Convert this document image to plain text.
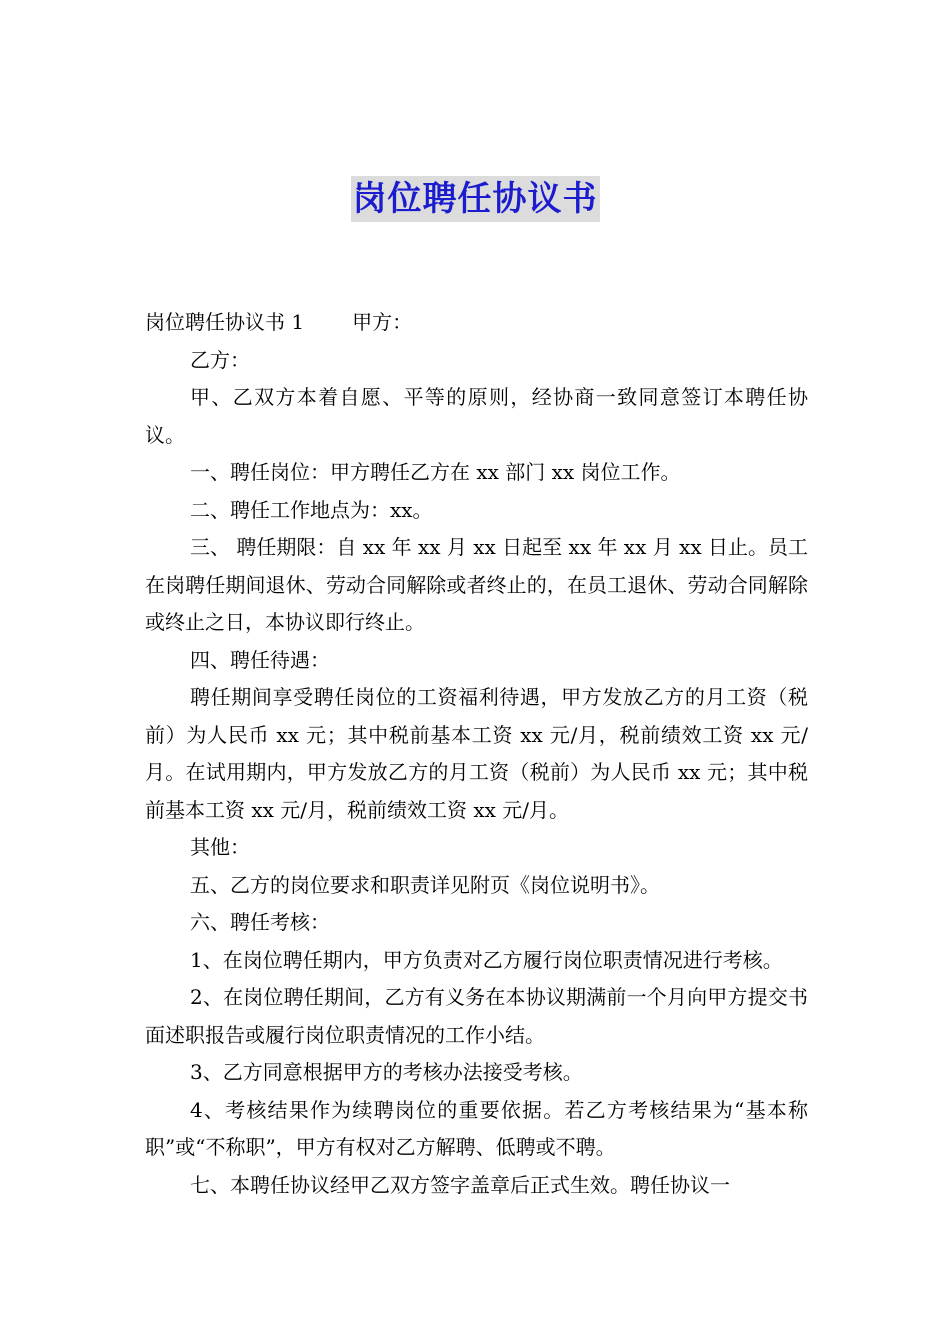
岗位聘任协议书

岗位聘任协议书 1 甲方：

乙方：

甲、乙双方本着自愿、平等的原则，经协商一致同意签订本聘任协议。

一、聘任岗位：甲方聘任乙方在 xx 部门 xx 岗位工作。

二、聘任工作地点为：xx。

三、 聘任期限：自 xx 年 xx 月 xx 日起至 xx 年 xx 月 xx 日止。员工在岗聘任期间退休、劳动合同解除或者终止的，在员工退休、劳动合同解除或终止之日，本协议即行终止。

四、聘任待遇：

聘任期间享受聘任岗位的工资福利待遇，甲方发放乙方的月工资（税前）为人民币 xx 元；其中税前基本工资 xx 元/月，税前绩效工资 xx 元/月。在试用期内，甲方发放乙方的月工资（税前）为人民币 xx 元；其中税前基本工资 xx 元/月，税前绩效工资 xx 元/月。

其他：

五、乙方的岗位要求和职责详见附页《岗位说明书》。

六、聘任考核：

1、在岗位聘任期内，甲方负责对乙方履行岗位职责情况进行考核。

2、在岗位聘任期间，乙方有义务在本协议期满前一个月向甲方提交书面述职报告或履行岗位职责情况的工作小结。

3、乙方同意根据甲方的考核办法接受考核。

4、考核结果作为续聘岗位的重要依据。若乙方考核结果为“基本称职”或“不称职”，甲方有权对乙方解聘、低聘或不聘。

七、本聘任协议经甲乙双方签字盖章后正式生效。聘任协议一
